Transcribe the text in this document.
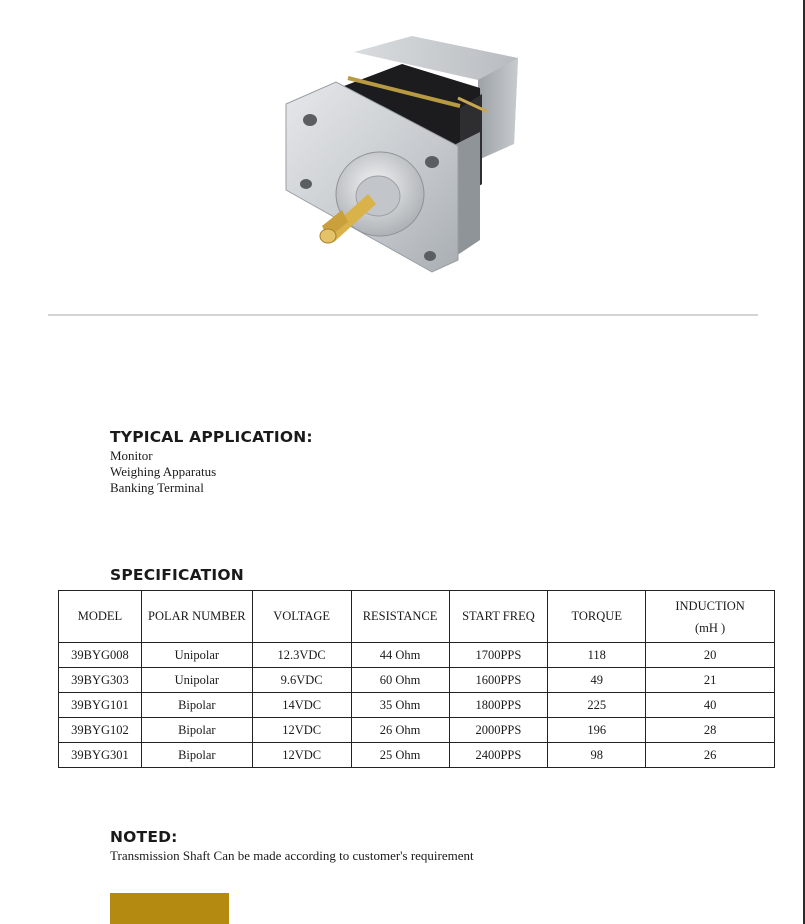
TYPICAL APPLICATION:
Monitor
Weighing Apparatus
Banking Terminal
SPECIFICATION
MODEL	POLAR NUMBER	VOLTAGE	RESISTANCE	START FREQ	TORQUE	INDUCTION
(mH )

39BYG008	Unipolar	12.3VDC	44 Ohm	1700PPS	118	20
39BYG303	Unipolar	9.6VDC	60 Ohm	1600PPS	49	21
39BYG101	Bipolar	14VDC	35 Ohm	1800PPS	225	40
39BYG102	Bipolar	12VDC	26 Ohm	2000PPS	196	28
39BYG301	Bipolar	12VDC	25 Ohm	2400PPS	98	26
NOTED:
Transmission Shaft Can be made according to customer's requirement
